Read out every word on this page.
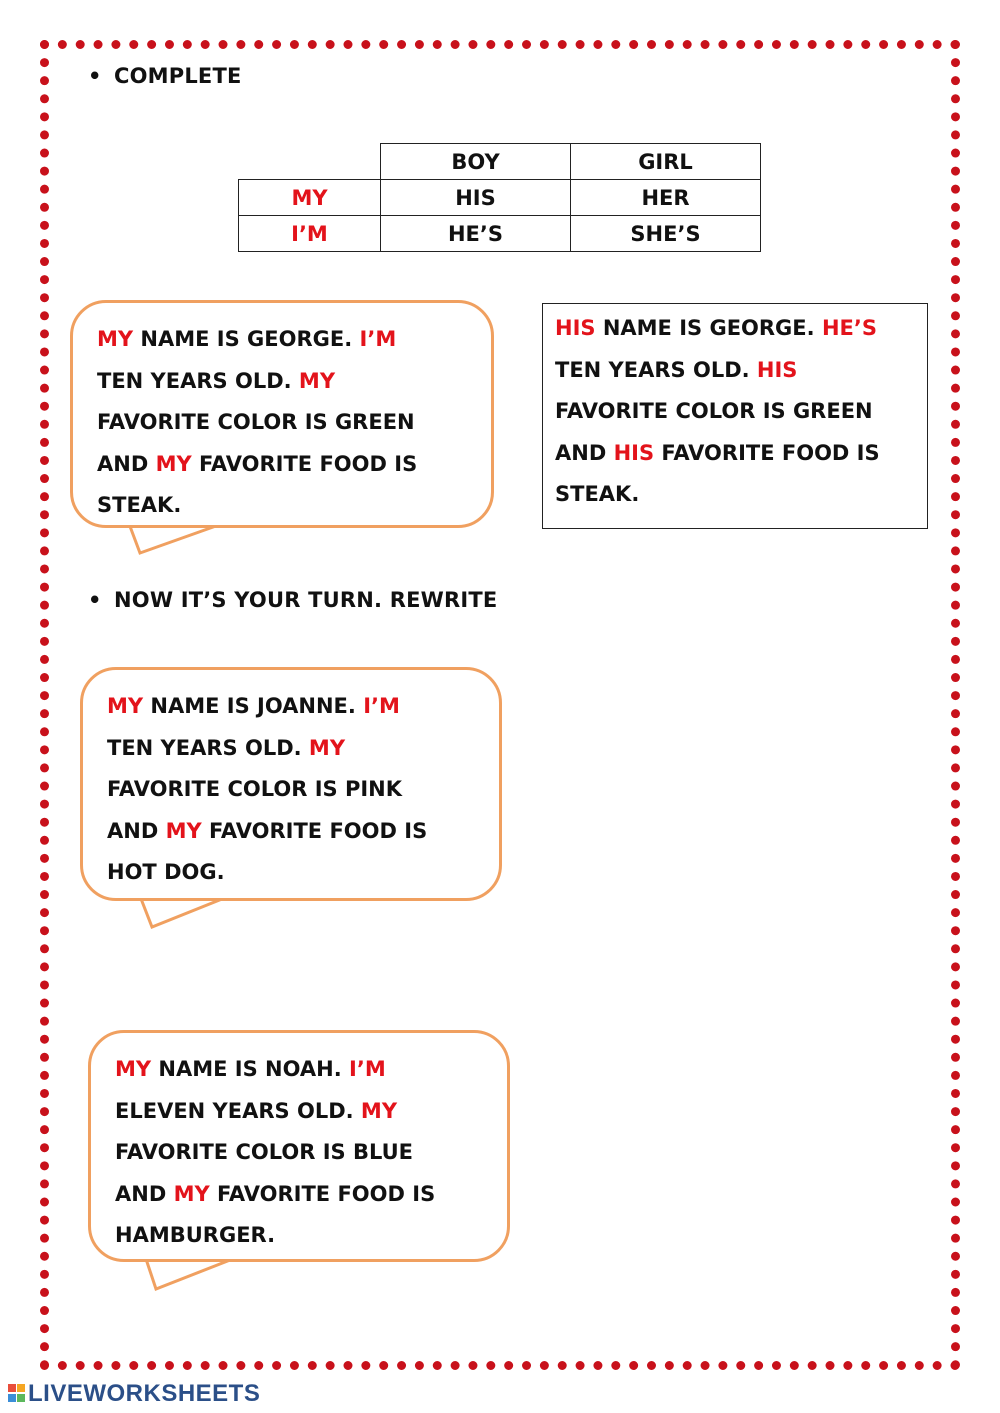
• COMPLETE
	BOY	GIRL
MY	HIS	HER
I’M	HE’S	SHE’S
MY NAME IS GEORGE. I’M
TEN YEARS OLD. MY
FAVORITE COLOR IS GREEN
AND MY FAVORITE FOOD IS
STEAK.
HIS NAME IS GEORGE. HE’S
TEN YEARS OLD. HIS
FAVORITE COLOR IS GREEN
AND HIS FAVORITE FOOD IS
STEAK.
• NOW IT’S YOUR TURN. REWRITE
MY NAME IS JOANNE. I’M
TEN YEARS OLD. MY
FAVORITE COLOR IS PINK
AND MY FAVORITE FOOD IS
HOT DOG.
MY NAME IS NOAH. I’M
ELEVEN YEARS OLD. MY
FAVORITE COLOR IS BLUE
AND MY FAVORITE FOOD IS
HAMBURGER.
LIVEWORKSHEETS
